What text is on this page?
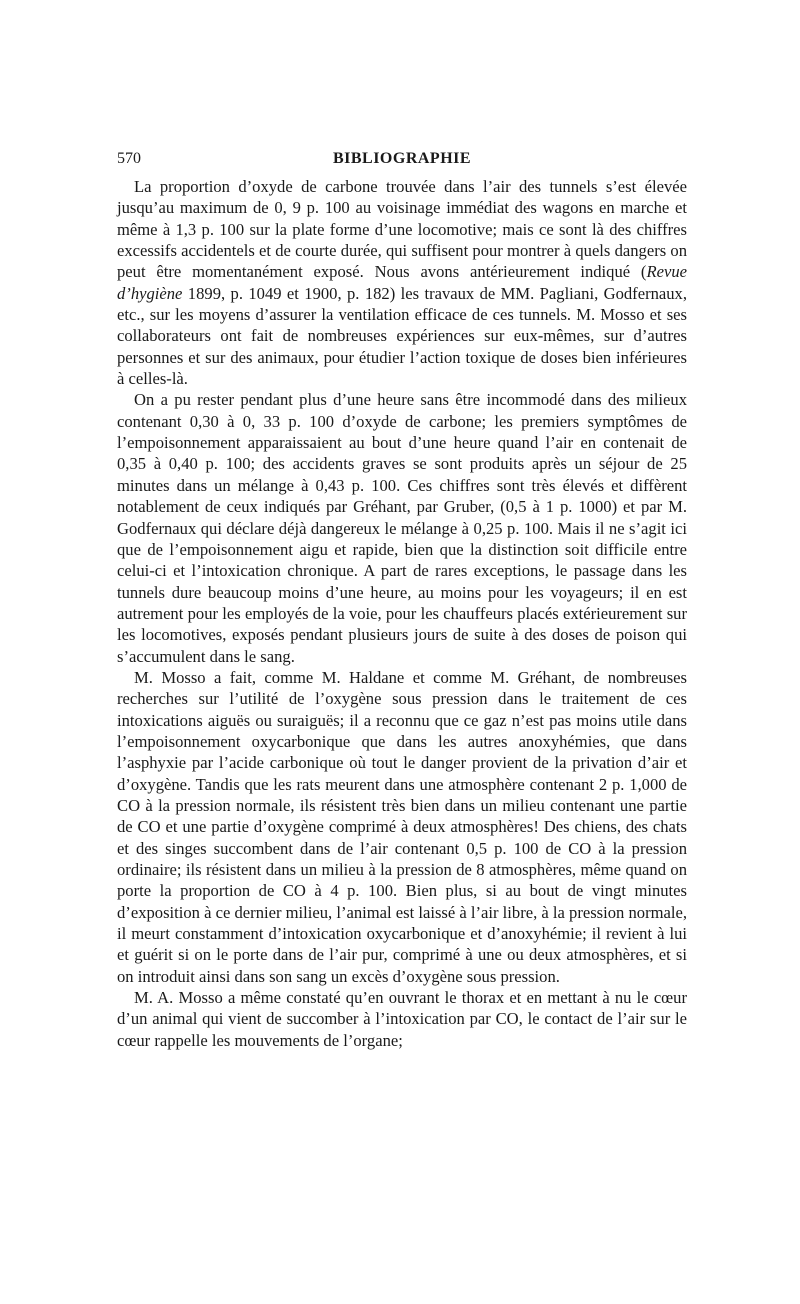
570	BIBLIOGRAPHIE

La proportion d’oxyde de carbone trouvée dans l’air des tunnels s’est élevée jusqu’au maximum de 0, 9 p. 100 au voisinage immédiat des wagons en marche et même à 1,3 p. 100 sur la plate forme d’une locomotive; mais ce sont là des chiffres excessifs accidentels et de courte durée, qui suffisent pour montrer à quels dangers on peut être momentanément exposé. Nous avons antérieurement indiqué (Revue d’hygiène 1899, p. 1049 et 1900, p. 182) les travaux de MM. Pagliani, Godfernaux, etc., sur les moyens d’assurer la ventilation efficace de ces tunnels. M. Mosso et ses collaborateurs ont fait de nombreuses expériences sur eux-mêmes, sur d’autres personnes et sur des animaux, pour étudier l’action toxique de doses bien inférieures à celles-là.

On a pu rester pendant plus d’une heure sans être incommodé dans des milieux contenant 0,30 à 0, 33 p. 100 d’oxyde de carbone; les premiers symptômes de l’empoisonnement apparaissaient au bout d’une heure quand l’air en contenait de 0,35 à 0,40 p. 100; des accidents graves se sont produits après un séjour de 25 minutes dans un mélange à 0,43 p. 100. Ces chiffres sont très élevés et diffèrent notablement de ceux indiqués par Gréhant, par Gruber, (0,5 à 1 p. 1000) et par M. Godfernaux qui déclare déjà dangereux le mélange à 0,25 p. 100. Mais il ne s’agit ici que de l’empoisonnement aigu et rapide, bien que la distinction soit difficile entre celui-ci et l’intoxication chronique. A part de rares exceptions, le passage dans les tunnels dure beaucoup moins d’une heure, au moins pour les voyageurs; il en est autrement pour les employés de la voie, pour les chauffeurs placés extérieurement sur les locomotives, exposés pendant plusieurs jours de suite à des doses de poison qui s’accumulent dans le sang.

M. Mosso a fait, comme M. Haldane et comme M. Gréhant, de nombreuses recherches sur l’utilité de l’oxygène sous pression dans le traitement de ces intoxications aiguës ou suraiguës; il a reconnu que ce gaz n’est pas moins utile dans l’empoisonnement oxycarbonique que dans les autres anoxyhémies, que dans l’asphyxie par l’acide carbonique où tout le danger provient de la privation d’air et d’oxygène. Tandis que les rats meurent dans une atmosphère contenant 2 p. 1,000 de CO à la pression normale, ils résistent très bien dans un milieu contenant une partie de CO et une partie d’oxygène comprimé à deux atmosphères! Des chiens, des chats et des singes succombent dans de l’air contenant 0,5 p. 100 de CO à la pression ordinaire; ils résistent dans un milieu à la pression de 8 atmosphères, même quand on porte la proportion de CO à 4 p. 100. Bien plus, si au bout de vingt minutes d’exposition à ce dernier milieu, l’animal est laissé à l’air libre, à la pression normale, il meurt constamment d’intoxication oxycarbonique et d’anoxyhémie; il revient à lui et guérit si on le porte dans de l’air pur, comprimé à une ou deux atmosphères, et si on introduit ainsi dans son sang un excès d’oxygène sous pression.

M. A. Mosso a même constaté qu’en ouvrant le thorax et en mettant à nu le cœur d’un animal qui vient de succomber à l’intoxication par CO, le contact de l’air sur le cœur rappelle les mouvements de l’organe;
